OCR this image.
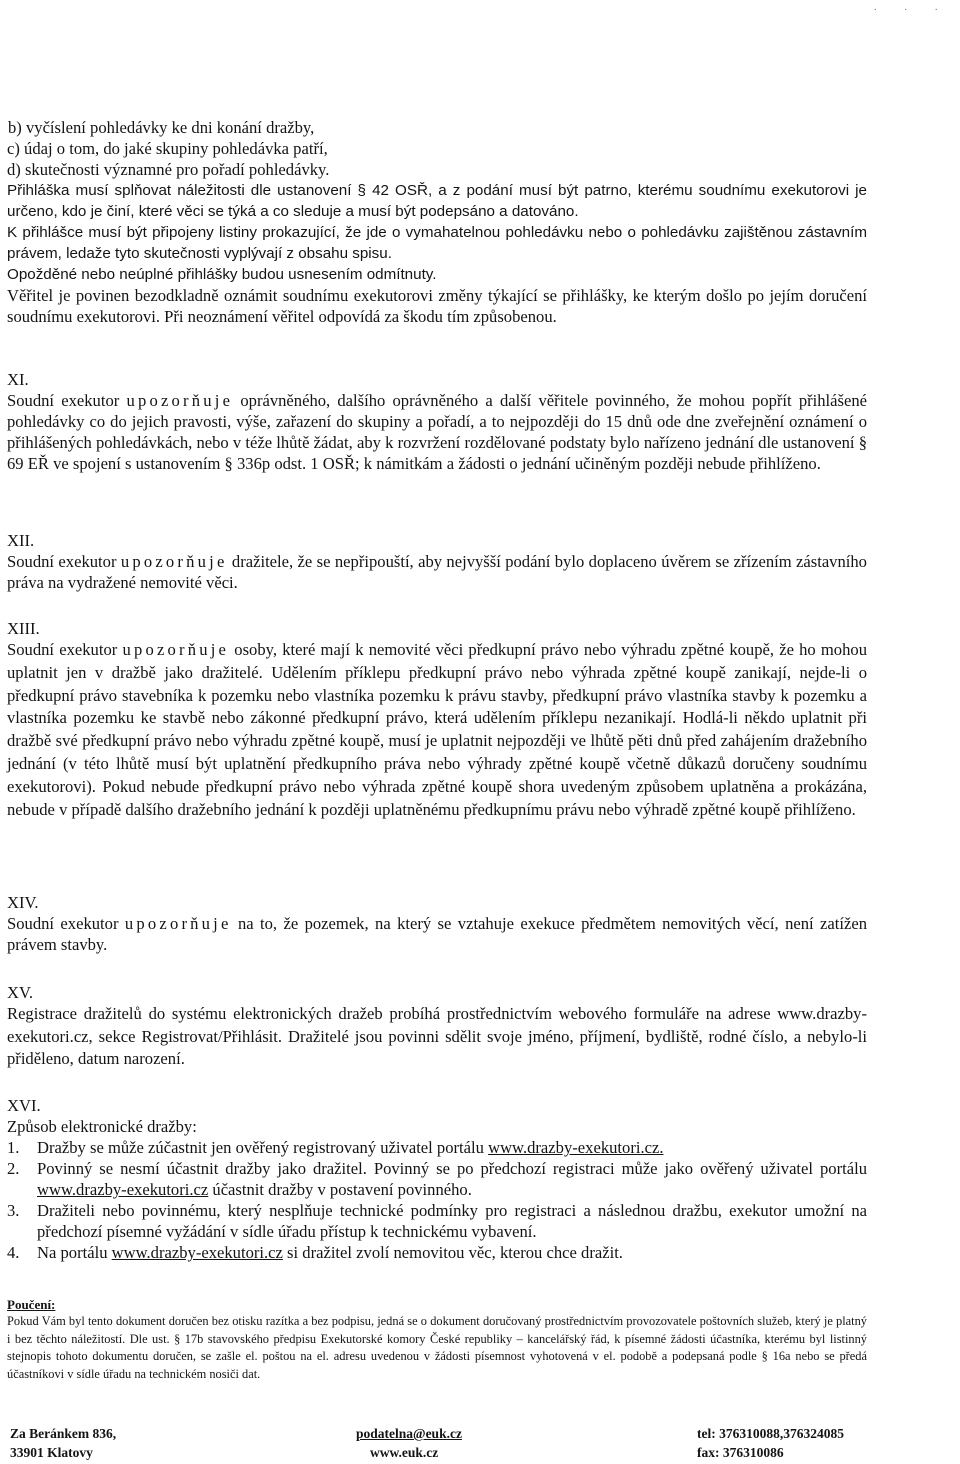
· · ·

b) vyčíslení pohledávky ke dni konání dražby,

c) údaj o tom, do jaké skupiny pohledávka patří,

d) skutečnosti významné pro pořadí pohledávky.

Přihláška musí splňovat náležitosti dle ustanovení § 42 OSŘ, a z podání musí být patrno, kterému soudnímu exekutorovi je určeno, kdo je činí, které věci se týká a co sleduje a musí být podepsáno a datováno.

K přihlášce musí být připojeny listiny prokazující, že jde o vymahatelnou pohledávku nebo o pohledávku zajištěnou zástavním právem, ledaže tyto skutečnosti vyplývají z obsahu spisu.

Opožděné nebo neúplné přihlášky budou usnesením odmítnuty.

Věřitel je povinen bezodkladně oznámit soudnímu exekutorovi změny týkající se přihlášky, ke kterým došlo po jejím doručení soudnímu exekutorovi. Při neoznámení věřitel odpovídá za škodu tím způsobenou.

XI.

Soudní exekutor upozorňuje oprávněného, dalšího oprávněného a další věřitele povinného, že mohou popřít přihlášené pohledávky co do jejich pravosti, výše, zařazení do skupiny a pořadí, a to nejpozději do 15 dnů ode dne zveřejnění oznámení o přihlášených pohledávkách, nebo v téže lhůtě žádat, aby k rozvržení rozdělované podstaty bylo nařízeno jednání dle ustanovení § 69 EŘ ve spojení s ustanovením § 336p odst. 1 OSŘ; k námitkám a žádosti o jednání učiněným později nebude přihlíženo.

XII.

Soudní exekutor upozorňuje dražitele, že se nepřipouští, aby nejvyšší podání bylo doplaceno úvěrem se zřízením zástavního práva na vydražené nemovité věci.

XIII.

Soudní exekutor upozorňuje osoby, které mají k nemovité věci předkupní právo nebo výhradu zpětné koupě, že ho mohou uplatnit jen v dražbě jako dražitelé. Udělením příklepu předkupní právo nebo výhrada zpětné koupě zanikají, nejde-li o předkupní právo stavebníka k pozemku nebo vlastníka pozemku k právu stavby, předkupní právo vlastníka stavby k pozemku a vlastníka pozemku ke stavbě nebo zákonné předkupní právo, která udělením příklepu nezanikají. Hodlá-li někdo uplatnit při dražbě své předkupní právo nebo výhradu zpětné koupě, musí je uplatnit nejpozději ve lhůtě pěti dnů před zahájením dražebního jednání (v této lhůtě musí být uplatnění předkupního práva nebo výhrady zpětné koupě včetně důkazů doručeny soudnímu exekutorovi). Pokud nebude předkupní právo nebo výhrada zpětné koupě shora uvedeným způsobem uplatněna a prokázána, nebude v případě dalšího dražebního jednání k později uplatněnému předkupnímu právu nebo výhradě zpětné koupě přihlíženo.

XIV.

Soudní exekutor upozorňuje na to, že pozemek, na který se vztahuje exekuce předmětem nemovitých věcí, není zatížen právem stavby.

XV.

Registrace dražitelů do systému elektronických dražeb probíhá prostřednictvím webového formuláře na adrese www.drazby-exekutori.cz, sekce Registrovat/Přihlásit. Dražitelé jsou povinni sdělit svoje jméno, příjmení, bydliště, rodné číslo, a nebylo-li přiděleno, datum narození.

XVI.

Způsob elektronické dražby:

1.	Dražby se může zúčastnit jen ověřený registrovaný uživatel portálu www.drazby-exekutori.cz.
2.	Povinný se nesmí účastnit dražby jako dražitel. Povinný se po předchozí registraci může jako ověřený uživatel portálu www.drazby-exekutori.cz účastnit dražby v postavení povinného.
3.	Dražiteli nebo povinnému, který nesplňuje technické podmínky pro registraci a následnou dražbu, exekutor umožní na předchozí písemné vyžádání v sídle úřadu přístup k technickému vybavení.
4.	Na portálu www.drazby-exekutori.cz si dražitel zvolí nemovitou věc, kterou chce dražit.

Poučení:

Pokud Vám byl tento dokument doručen bez otisku razítka a bez podpisu, jedná se o dokument doručovaný prostřednictvím provozovatele poštovních služeb, který je platný i bez těchto náležitostí. Dle ust. § 17b stavovského předpisu Exekutorské komory České republiky – kancelářský řád, k písemné žádosti účastníka, kterému byl listinný stejnopis tohoto dokumentu doručen, se zašle el. poštou na el. adresu uvedenou v žádosti písemnost vyhotovená v el. podobě a podepsaná podle § 16a nebo se předá účastníkovi v sídle úřadu na technickém nosiči dat.

Za Beránkem 836,
33901 Klatovy
podatelna@euk.cz
www.euk.cz
tel: 376310088,376324085
fax: 376310086
